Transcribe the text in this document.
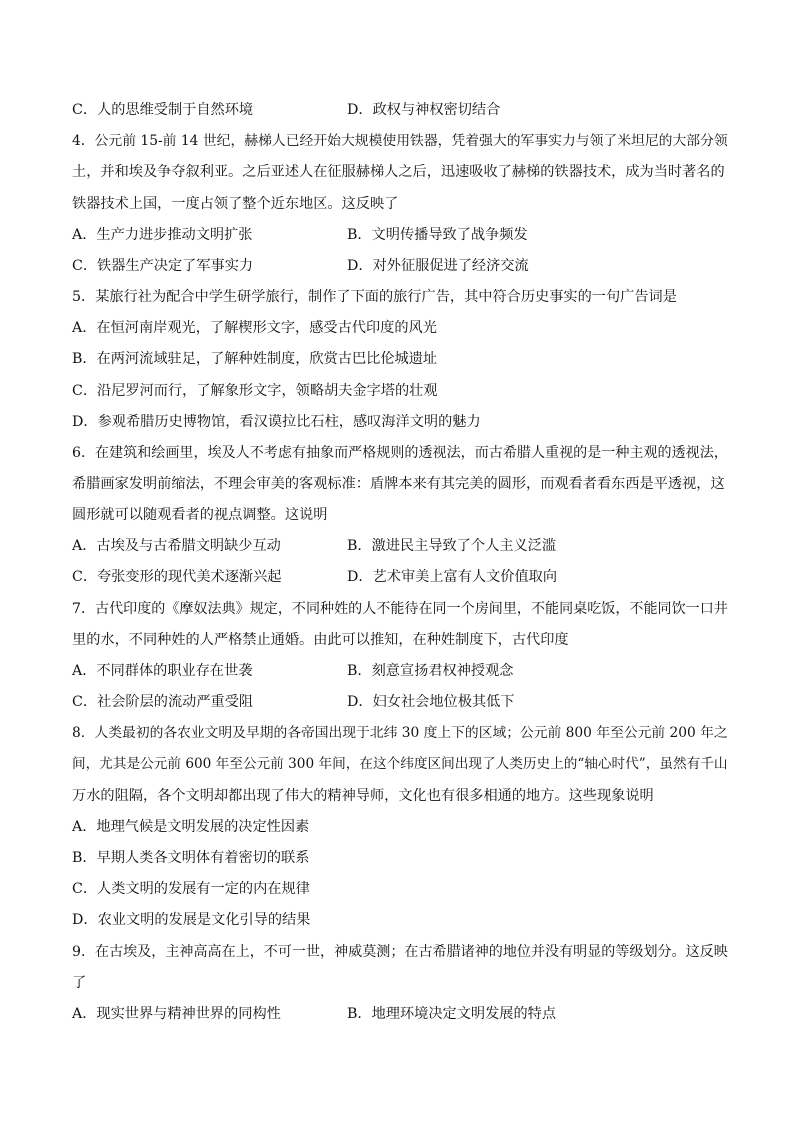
C．人的思维受制于自然环境	D．政权与神权密切结合
4．公元前 15-前 14 世纪，赫梯人已经开始大规模使用铁器，凭着强大的军事实力与领了米坦尼的大部分领
土，并和埃及争夺叙利亚。之后亚述人在征服赫梯人之后，迅速吸收了赫梯的铁器技术，成为当时著名的
铁器技术上国，一度占领了整个近东地区。这反映了
A．生产力进步推动文明扩张	B．文明传播导致了战争频发
C．铁器生产决定了军事实力	D．对外征服促进了经济交流
5．某旅行社为配合中学生研学旅行，制作了下面的旅行广告，其中符合历史事实的一句广告词是
A．在恒河南岸观光，了解楔形文字，感受古代印度的风光
B．在两河流域驻足，了解种姓制度，欣赏古巴比伦城遗址
C．沿尼罗河而行，了解象形文字，领略胡夫金字塔的壮观
D．参观希腊历史博物馆，看汉谟拉比石柱，感叹海洋文明的魅力
6．在建筑和绘画里，埃及人不考虑有抽象而严格规则的透视法，而古希腊人重视的是一种主观的透视法，
希腊画家发明前缩法，不理会审美的客观标准：盾牌本来有其完美的圆形，而观看者看东西是平透视，这
圆形就可以随观看者的视点调整。这说明
A．古埃及与古希腊文明缺少互动	B．激进民主导致了个人主义泛滥
C．夸张变形的现代美术逐渐兴起	D．艺术审美上富有人文价值取向
7．古代印度的《摩奴法典》规定，不同种姓的人不能待在同一个房间里，不能同桌吃饭，不能同饮一口井
里的水，不同种姓的人严格禁止通婚。由此可以推知，在种姓制度下，古代印度
A．不同群体的职业存在世袭	B．刻意宣扬君权神授观念
C．社会阶层的流动严重受阻	D．妇女社会地位极其低下
8．人类最初的各农业文明及早期的各帝国出现于北纬 30 度上下的区域；公元前 800 年至公元前 200 年之
间，尤其是公元前 600 年至公元前 300 年间，在这个纬度区间出现了人类历史上的“轴心时代”，虽然有千山
万水的阻隔，各个文明却都出现了伟大的精神导师，文化也有很多相通的地方。这些现象说明
A．地理气候是文明发展的决定性因素
B．早期人类各文明体有着密切的联系
C．人类文明的发展有一定的内在规律
D．农业文明的发展是文化引导的结果
9．在古埃及，主神高高在上，不可一世，神威莫测；在古希腊诸神的地位并没有明显的等级划分。这反映
了
A．现实世界与精神世界的同构性	B．地理环境决定文明发展的特点
